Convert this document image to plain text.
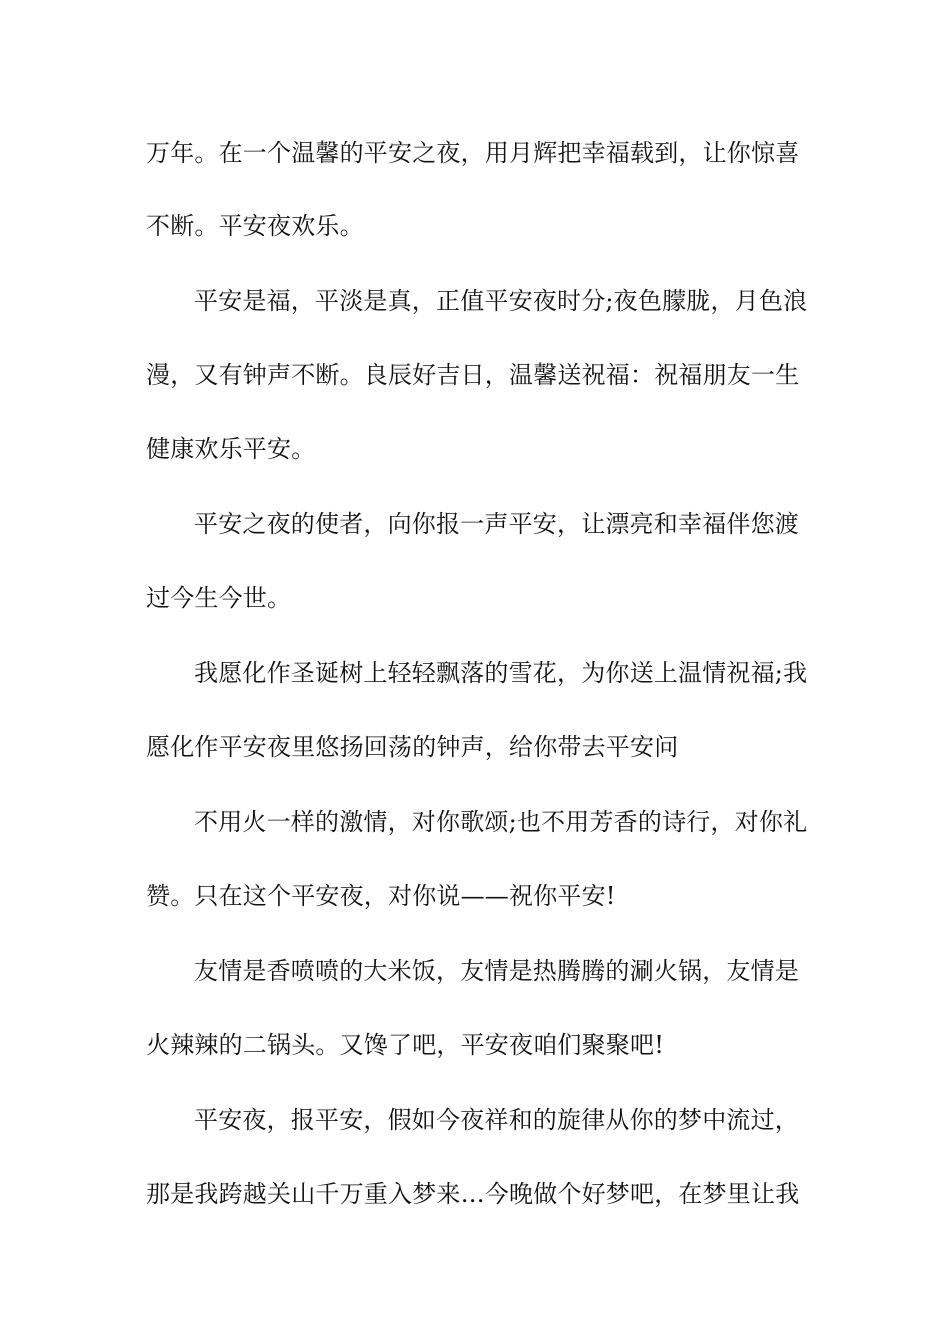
万年。在一个温馨的平安之夜，用月辉把幸福载到，让你惊喜
不断。平安夜欢乐。
平安是福，平淡是真，正值平安夜时分;夜色朦胧，月色浪
漫，又有钟声不断。良辰好吉日，温馨送祝福：祝福朋友一生
健康欢乐平安。
平安之夜的使者，向你报一声平安，让漂亮和幸福伴您渡
过今生今世。
我愿化作圣诞树上轻轻飘落的雪花，为你送上温情祝福;我
愿化作平安夜里悠扬回荡的钟声，给你带去平安问
不用火一样的激情，对你歌颂;也不用芳香的诗行，对你礼
赞。只在这个平安夜，对你说——祝你平安!
友情是香喷喷的大米饭，友情是热腾腾的涮火锅，友情是
火辣辣的二锅头。又馋了吧，平安夜咱们聚聚吧!
平安夜，报平安，假如今夜祥和的旋律从你的梦中流过，
那是我跨越关山千万重入梦来…今晚做个好梦吧，在梦里让我
